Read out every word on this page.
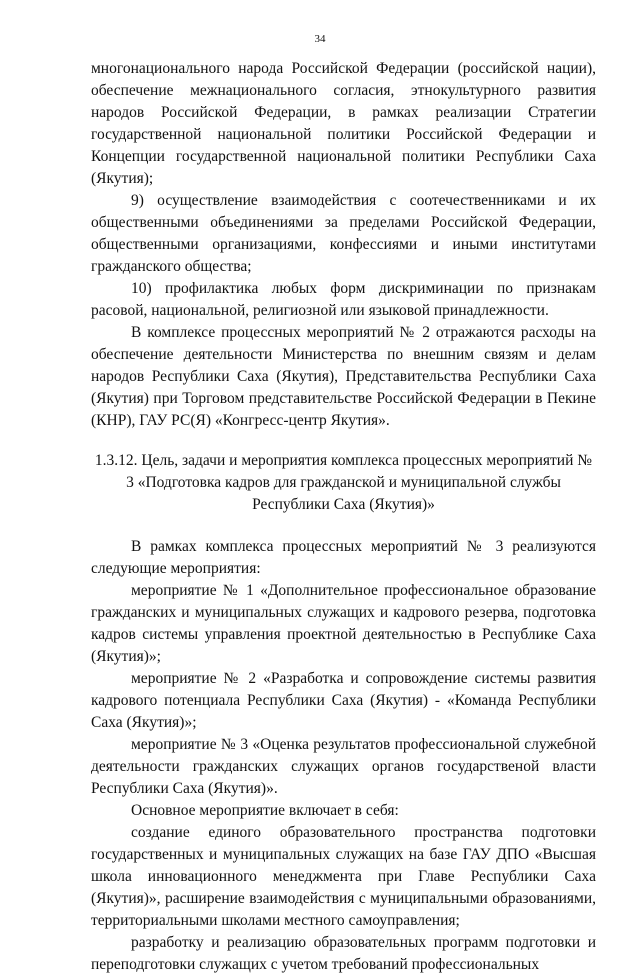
34

многонационального народа Российской Федерации (российской нации), обеспечение межнационального согласия, этнокультурного развития народов Российской Федерации, в рамках реализации Стратегии государственной национальной политики Российской Федерации и Концепции государственной национальной политики Республики Саха (Якутия);

9) осуществление взаимодействия с соотечественниками и их общественными объединениями за пределами Российской Федерации, общественными организациями, конфессиями и иными институтами гражданского общества;

10) профилактика любых форм дискриминации по признакам расовой, национальной, религиозной или языковой принадлежности.

В комплексе процессных мероприятий № 2 отражаются расходы на обеспечение деятельности Министерства по внешним связям и делам народов Республики Саха (Якутия), Представительства Республики Саха (Якутия) при Торговом представительстве Российской Федерации в Пекине (КНР), ГАУ РС(Я) «Конгресс-центр Якутия».

1.3.12. Цель, задачи и мероприятия комплекса процессных мероприятий № 3 «Подготовка кадров для гражданской и муниципальной службы Республики Саха (Якутия)»

В рамках комплекса процессных мероприятий № 3 реализуются следующие мероприятия:

мероприятие № 1 «Дополнительное профессиональное образование гражданских и муниципальных служащих и кадрового резерва, подготовка кадров системы управления проектной деятельностью в Республике Саха (Якутия)»;

мероприятие № 2 «Разработка и сопровождение системы развития кадрового потенциала Республики Саха (Якутия) - «Команда Республики Саха (Якутия)»;

мероприятие № 3 «Оценка результатов профессиональной служебной деятельности гражданских служащих органов государственой власти Республики Саха (Якутия)».

Основное мероприятие включает в себя:

создание единого образовательного пространства подготовки государственных и муниципальных служащих на базе ГАУ ДПО «Высшая школа инновационного менеджмента при Главе Республики Саха (Якутия)», расширение взаимодействия с муниципальными образованиями, территориальными школами местного самоуправления;

разработку и реализацию образовательных программ подготовки и переподготовки служащих с учетом требований профессиональных
